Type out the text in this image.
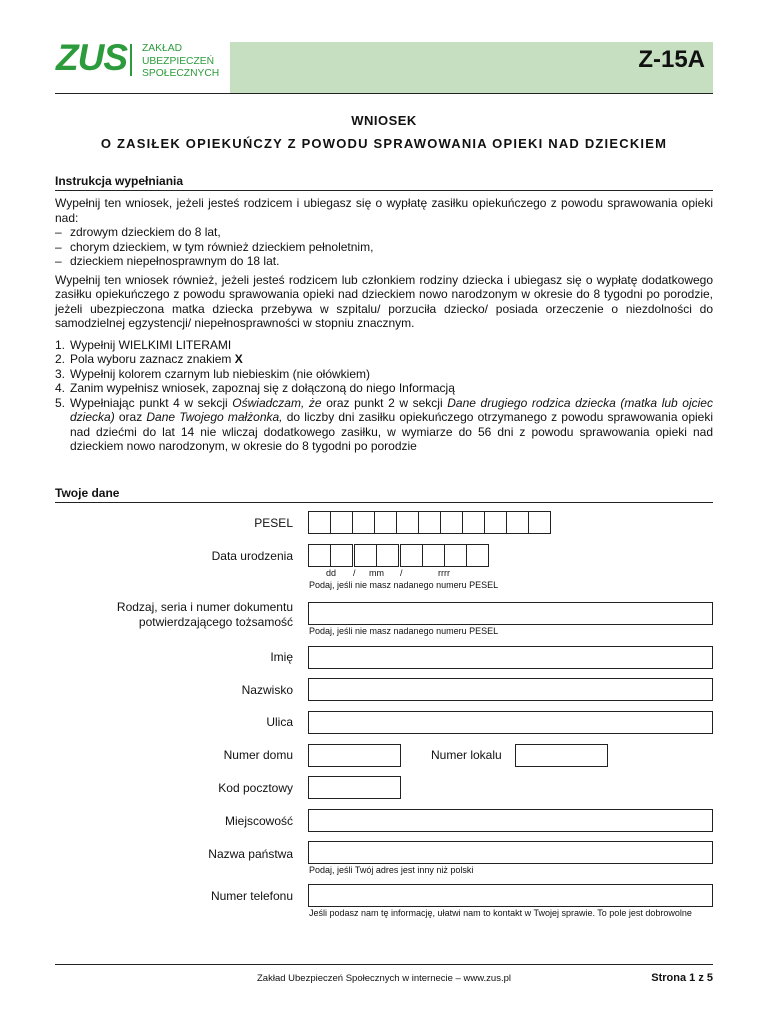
ZUS ZAKŁAD
UBEZPIECZEŃ
SPOŁECZNYCH
Z-15A
WNIOSEK
O ZASIŁEK OPIEKUŃCZY Z POWODU SPRAWOWANIA OPIEKI NAD DZIECKIEM
Instrukcja wypełniania

Wypełnij ten wniosek, jeżeli jesteś rodzicem i ubiegasz się o wypłatę zasiłku opiekuńczego z powodu sprawowania opieki nad:

– zdrowym dzieckiem do 8 lat,
– chorym dzieckiem, w tym również dzieckiem pełnoletnim,
– dzieckiem niepełnosprawnym do 18 lat.

Wypełnij ten wniosek również, jeżeli jesteś rodzicem lub członkiem rodziny dziecka i ubiegasz się o wypłatę dodatkowego zasiłku opiekuńczego z powodu sprawowania opieki nad dzieckiem nowo narodzonym w okresie do 8 tygodni po porodzie, jeżeli ubezpieczona matka dziecka przebywa w szpitalu/ porzuciła dziecko/ posiada orzeczenie o niezdolności do samodzielnej egzystencji/ niepełnosprawności w stopniu znacznym.

1. Wypełnij WIELKIMI LITERAMI
2. Pola wyboru zaznacz znakiem X
3. Wypełnij kolorem czarnym lub niebieskim (nie ołówkiem)
4. Zanim wypełnisz wniosek, zapoznaj się z dołączoną do niego Informacją
5. Wypełniając punkt 4 w sekcji Oświadczam, że oraz punkt 2 w sekcji Dane drugiego rodzica dziecka (matka lub ojciec dziecka) oraz Dane Twojego małżonka, do liczby dni zasiłku opiekuńczego otrzymanego z powodu sprawowania opieki nad dziećmi do lat 14 nie wliczaj dodatkowego zasiłku, w wymiarze do 56 dni z powodu sprawowania opieki nad dzieckiem nowo narodzonym, w okresie do 8 tygodni po porodzie
Twoje dane
PESEL
Data urodzenia
dd / mm /	rrrr
Podaj, jeśli nie masz nadanego numeru PESEL
Rodzaj, seria i numer dokumentu
potwierdzającego tożsamość
Podaj, jeśli nie masz nadanego numeru PESEL
Imię
Nazwisko
Ulica
Numer domu	Numer lokalu
Kod pocztowy
Miejscowość
Nazwa państwa
Podaj, jeśli Twój adres jest inny niż polski
Numer telefonu
Jeśli podasz nam tę informację, ułatwi nam to kontakt w Twojej sprawie. To pole jest dobrowolne
Zakład Ubezpieczeń Społecznych w internecie – www.zus.pl	Strona 1 z 5
